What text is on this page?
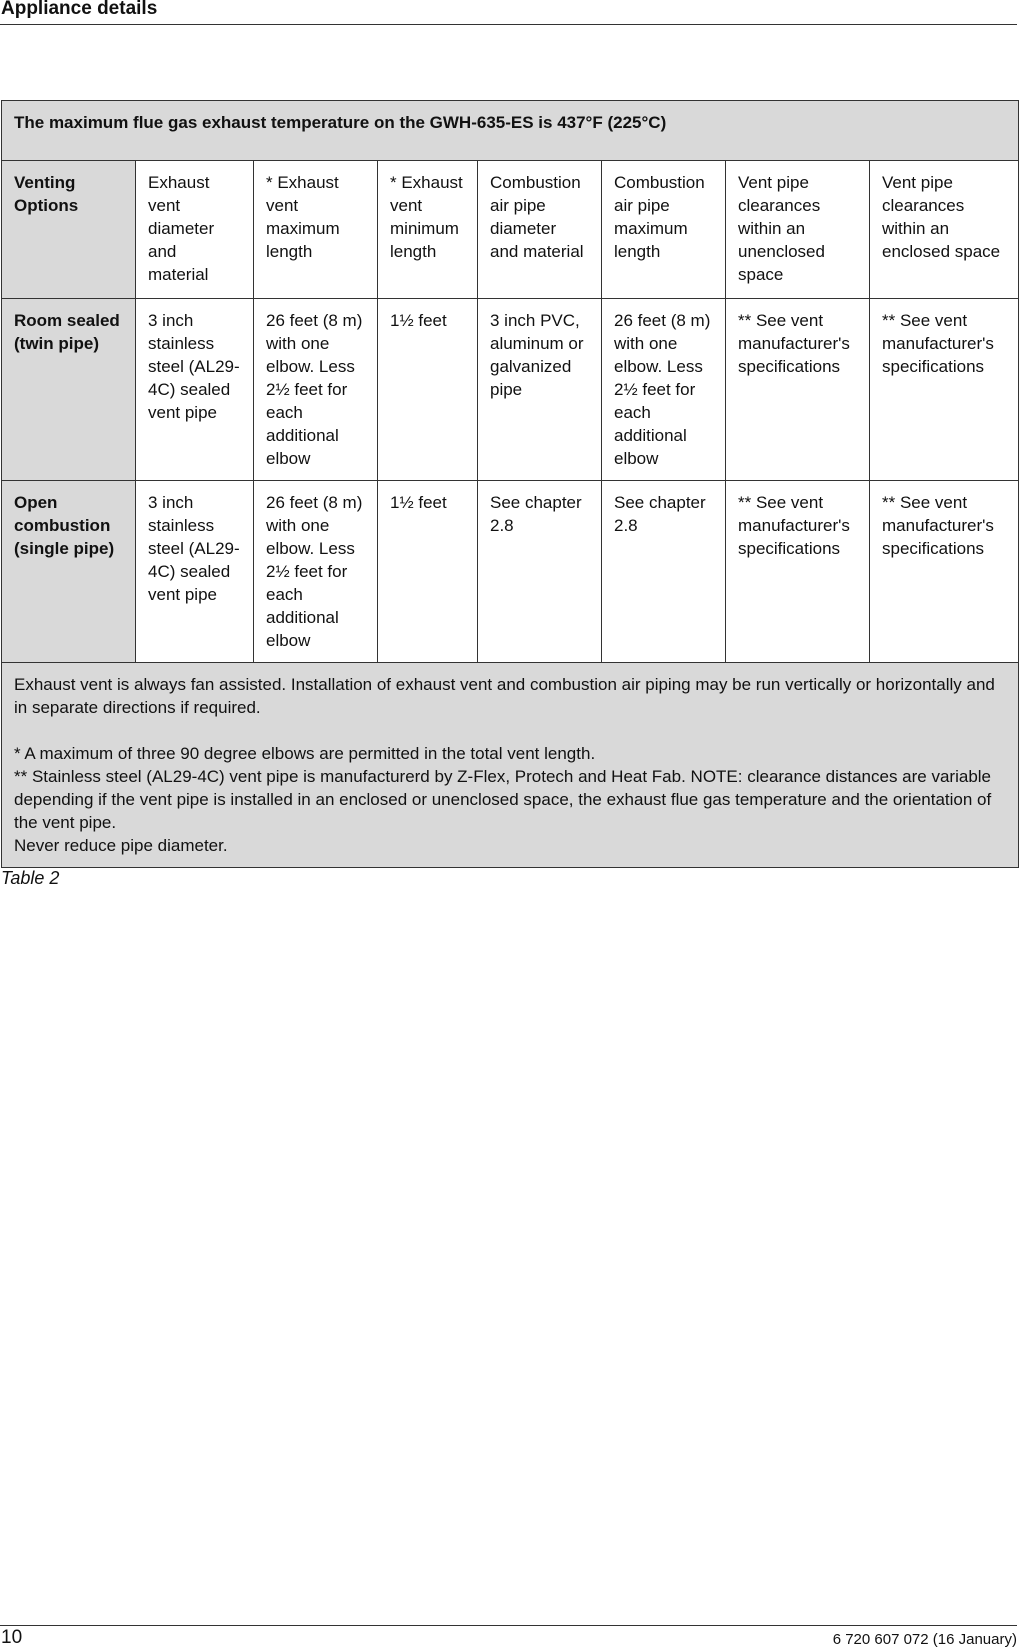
Appliance details
The maximum flue gas exhaust temperature on the GWH-635-ES is 437°F (225°C)							
Venting Options	Exhaust vent diameter and material	* Exhaust vent maximum length	* Exhaust vent minimum length	Combustion air pipe diameter and material	Combustion air pipe maximum length	Vent pipe clearances within an unenclosed space	Vent pipe clearances within an enclosed space
Room sealed (twin pipe)	3 inch stainless steel (AL29-4C) sealed vent pipe	26 feet (8 m) with one elbow. Less 2½ feet for each additional elbow	1½ feet	3 inch PVC, aluminum or galvanized pipe	26 feet (8 m) with one elbow. Less 2½ feet for each additional elbow	** See vent manufacturer's specifications	** See vent manufacturer's specifications
Open combustion (single pipe)	3 inch stainless steel (AL29-4C) sealed vent pipe	26 feet (8 m) with one elbow. Less 2½ feet for each additional elbow	1½ feet	See chapter 2.8	See chapter 2.8	** See vent manufacturer's specifications	** See vent manufacturer's specifications

Exhaust vent is always fan assisted. Installation of exhaust vent and combustion air piping may be run vertically or horizontally and in separate directions if required.
* A maximum of three 90 degree elbows are permitted in the total vent length.
** Stainless steel (AL29-4C) vent pipe is manufacturerd by Z-Flex, Protech and Heat Fab. NOTE: clearance distances are variable depending if the vent pipe is installed in an enclosed or unenclosed space, the exhaust flue gas temperature and the orientation of the vent pipe.
Never reduce pipe diameter.							
Table 2
10	6 720 607 072 (16 January)
